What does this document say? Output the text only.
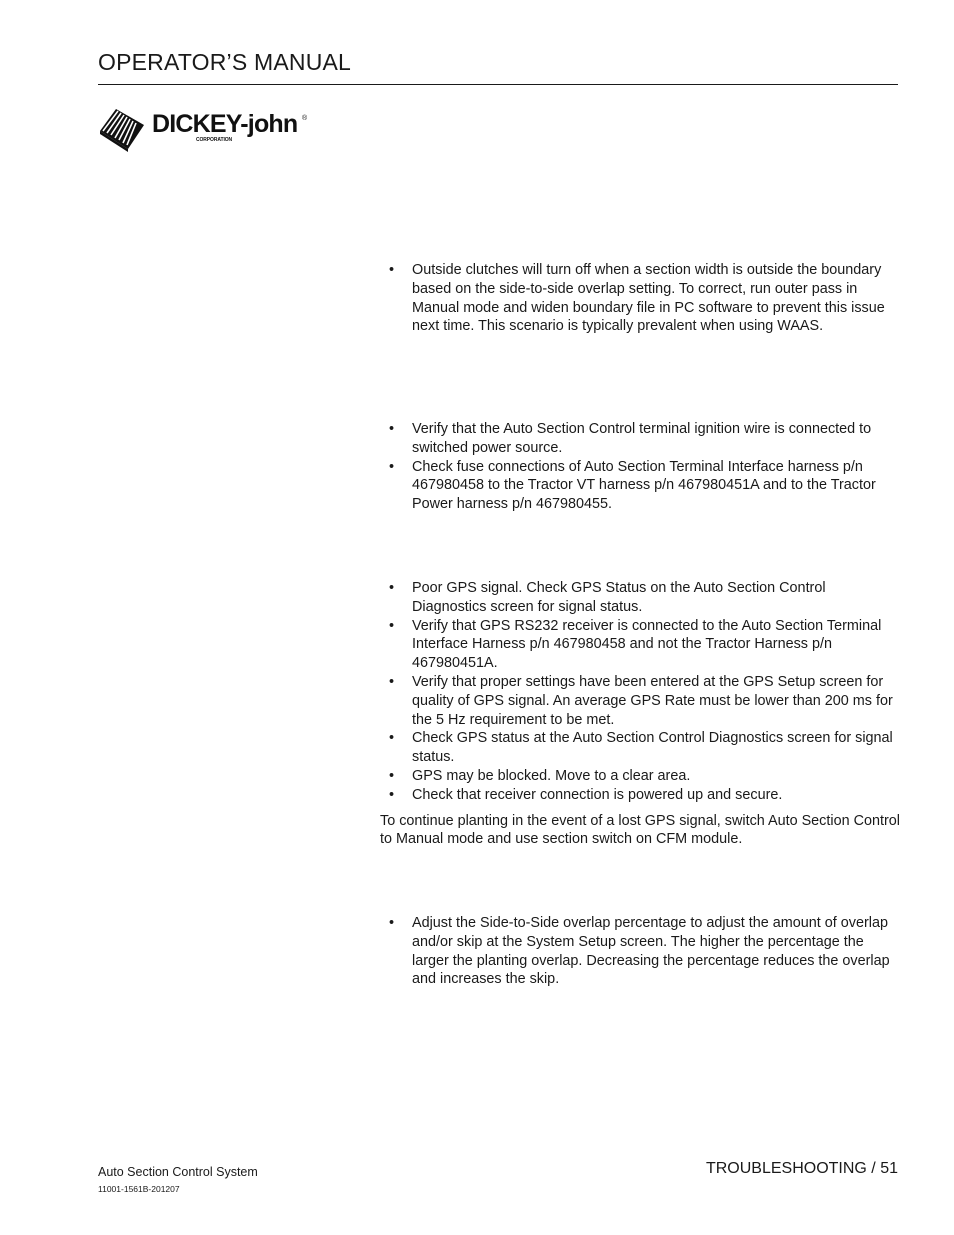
OPERATOR’S MANUAL
DICKEY-john ®
CORPORATION
• Outside clutches will turn off when a section width is outside the boundary based on the side-to-side overlap setting. To correct, run outer pass in Manual mode and widen boundary file in PC software to prevent this issue next time. This scenario is typically prevalent when using WAAS.
• Verify that the Auto Section Control terminal ignition wire is connected to switched power source.
• Check fuse connections of Auto Section Terminal Interface harness p/n 467980458 to the Tractor VT harness p/n 467980451A and to the Tractor Power harness p/n 467980455.
• Poor GPS signal. Check GPS Status on the Auto Section Control Diagnostics screen for signal status.
• Verify that GPS RS232 receiver is connected to the Auto Section Terminal Interface Harness p/n 467980458 and not the Tractor Harness p/n 467980451A.
• Verify that proper settings have been entered at the GPS Setup screen for quality of GPS signal. An average GPS Rate must be lower than 200 ms for the 5 Hz requirement to be met.
• Check GPS status at the Auto Section Control Diagnostics screen for signal status.
• GPS may be blocked. Move to a clear area.
• Check that receiver connection is powered up and secure.

To continue planting in the event of a lost GPS signal, switch Auto Section Control to Manual mode and use section switch on CFM module.

• Adjust the Side-to-Side overlap percentage to adjust the amount of overlap and/or skip at the System Setup screen. The higher the percentage the larger the planting overlap. Decreasing the percentage reduces the overlap and increases the skip.
Auto Section Control System
11001-1561B-201207
TROUBLESHOOTING / 51
